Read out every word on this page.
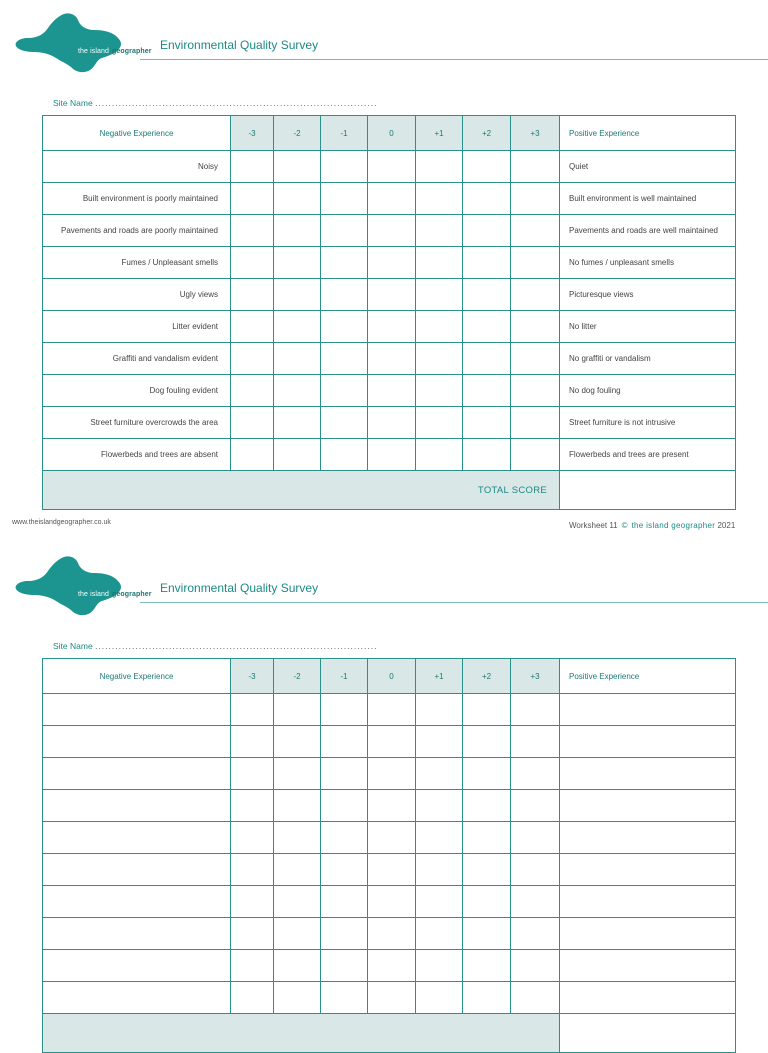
the island geographer Environmental Quality Survey
Site Name ....................................................................................
Negative Experience	-3	-2	-1	0	+1	+2	+3	Positive Experience
Noisy								Quiet
Built environment is poorly maintained								Built environment is well maintained
Pavements and roads are poorly maintained								Pavements and roads are well maintained
Fumes / Unpleasant smells								No fumes / unpleasant smells
Ugly views								Picturesque views
Litter evident								No litter
Graffiti and vandalism evident								No graffiti or vandalism
Dog fouling evident								No dog fouling
Street furniture overcrowds the area								Street furniture is not intrusive
Flowerbeds and trees are absent								Flowerbeds and trees are present
TOTAL SCORE								
www.theislandgeographer.co.uk	Worksheet 11 © the island geographer 2021
the island geographer Environmental Quality Survey
Site Name ....................................................................................
Negative Experience	-3	-2	-1	0	+1	+2	+3	Positive Experience
